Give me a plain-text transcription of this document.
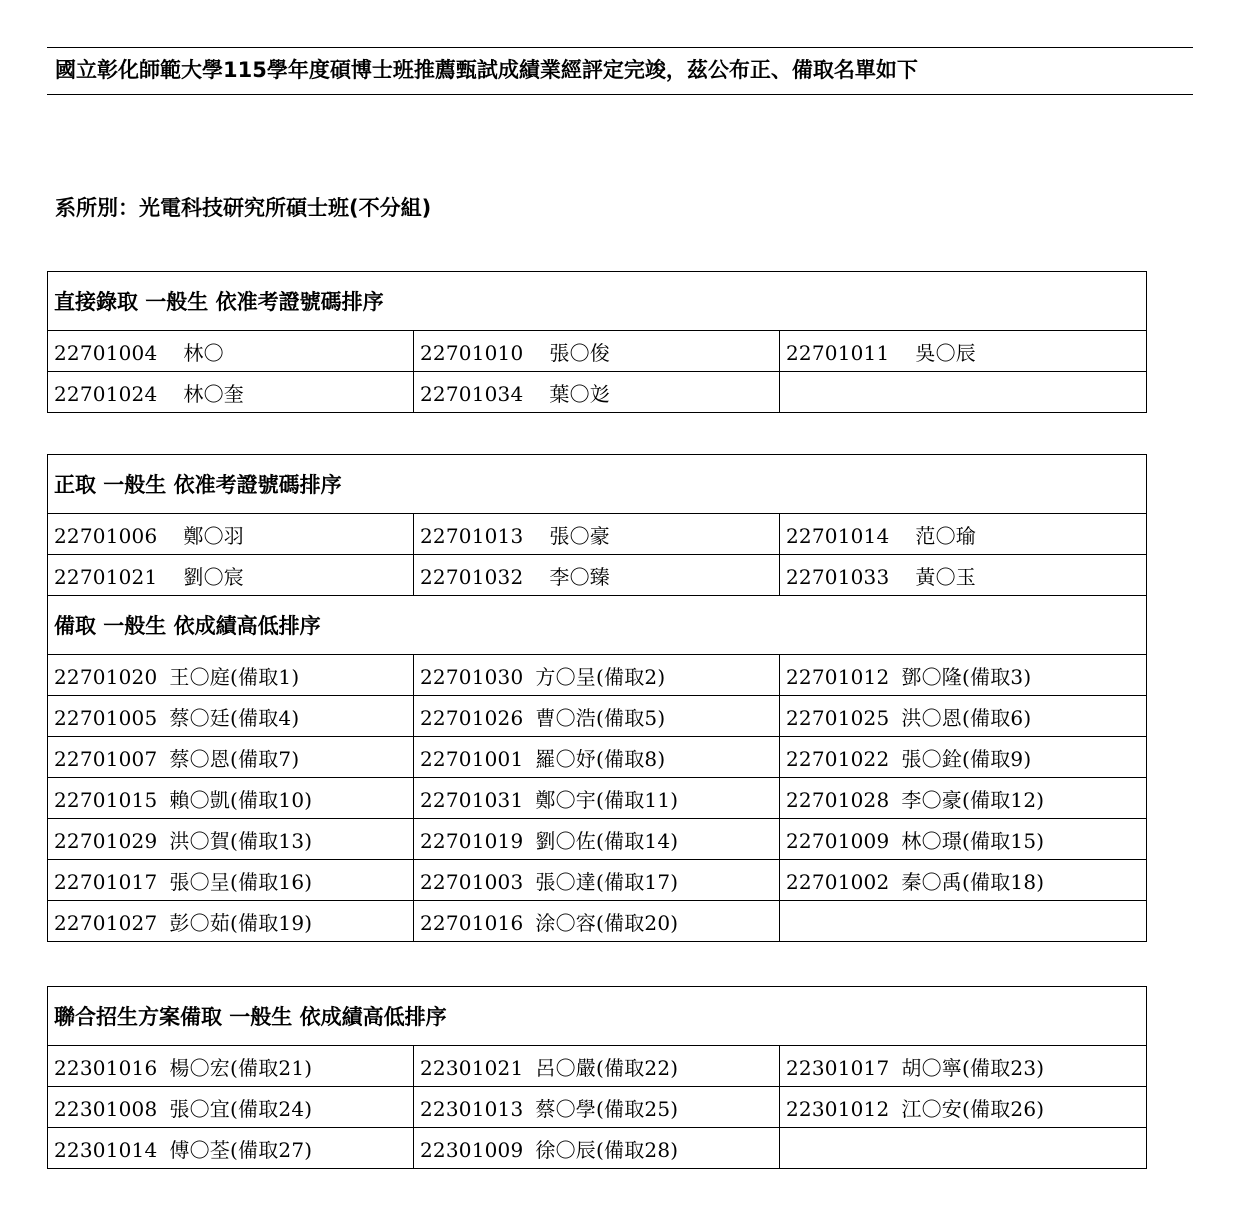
國立彰化師範大學115學年度碩博士班推薦甄試成績業經評定完竣，茲公布正、備取名單如下
系所別：光電科技研究所碩士班(不分組)
直接錄取 一般生 依准考證號碼排序		
22701004 林〇	22701010 張〇俊	22701011 吳〇辰
22701024 林〇奎	22701034 葉〇彣	
正取 一般生 依准考證號碼排序		
22701006 鄭〇羽	22701013 張〇豪	22701014 范〇瑜
22701021 劉〇宸	22701032 李〇臻	22701033 黃〇玉
備取 一般生 依成績高低排序		
22701020 王〇庭(備取1)	22701030 方〇呈(備取2)	22701012 鄧〇隆(備取3)
22701005 蔡〇廷(備取4)	22701026 曹〇浩(備取5)	22701025 洪〇恩(備取6)
22701007 蔡〇恩(備取7)	22701001 羅〇妤(備取8)	22701022 張〇銓(備取9)
22701015 賴〇凱(備取10)	22701031 鄭〇宇(備取11)	22701028 李〇豪(備取12)
22701029 洪〇賀(備取13)	22701019 劉〇佐(備取14)	22701009 林〇璟(備取15)
22701017 張〇呈(備取16)	22701003 張〇達(備取17)	22701002 秦〇禹(備取18)
22701027 彭〇茹(備取19)	22701016 涂〇容(備取20)	
聯合招生方案備取 一般生 依成績高低排序		
22301016 楊〇宏(備取21)	22301021 呂〇嚴(備取22)	22301017 胡〇寧(備取23)
22301008 張〇宜(備取24)	22301013 蔡〇學(備取25)	22301012 江〇安(備取26)
22301014 傅〇荃(備取27)	22301009 徐〇辰(備取28)	
